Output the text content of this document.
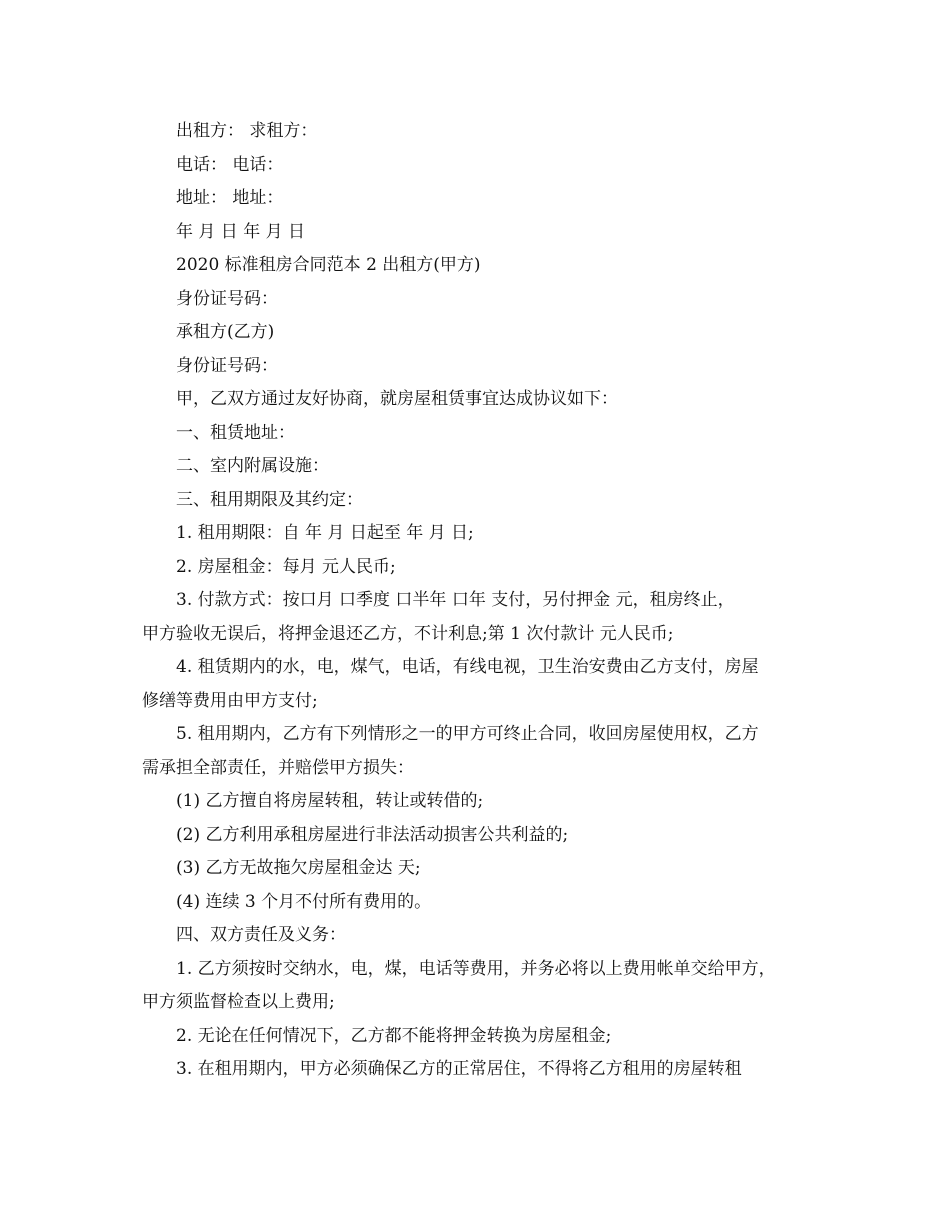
出租方： 求租方：
电话： 电话：
地址： 地址：
年 月 日 年 月 日
2020 标准租房合同范本 2 出租方(甲方)
身份证号码：
承租方(乙方)
身份证号码：
甲，乙双方通过友好协商，就房屋租赁事宜达成协议如下：
一、租赁地址：
二、室内附属设施：
三、租用期限及其约定：
1. 租用期限：自 年 月 日起至 年 月 日;
2. 房屋租金：每月 元人民币;
3. 付款方式：按口月 口季度 口半年 口年 支付，另付押金 元，租房终止，
甲方验收无误后，将押金退还乙方，不计利息;第 1 次付款计 元人民币;
4. 租赁期内的水，电，煤气，电话，有线电视，卫生治安费由乙方支付，房屋
修缮等费用由甲方支付;
5. 租用期内，乙方有下列情形之一的甲方可终止合同，收回房屋使用权，乙方
需承担全部责任，并赔偿甲方损失：
(1) 乙方擅自将房屋转租，转让或转借的;
(2) 乙方利用承租房屋进行非法活动损害公共利益的;
(3) 乙方无故拖欠房屋租金达 天;
(4) 连续 3 个月不付所有费用的。
四、双方责任及义务：
1. 乙方须按时交纳水，电，煤，电话等费用，并务必将以上费用帐单交给甲方，
甲方须监督检查以上费用;
2. 无论在任何情况下，乙方都不能将押金转换为房屋租金;
3. 在租用期内，甲方必须确保乙方的正常居住，不得将乙方租用的房屋转租
